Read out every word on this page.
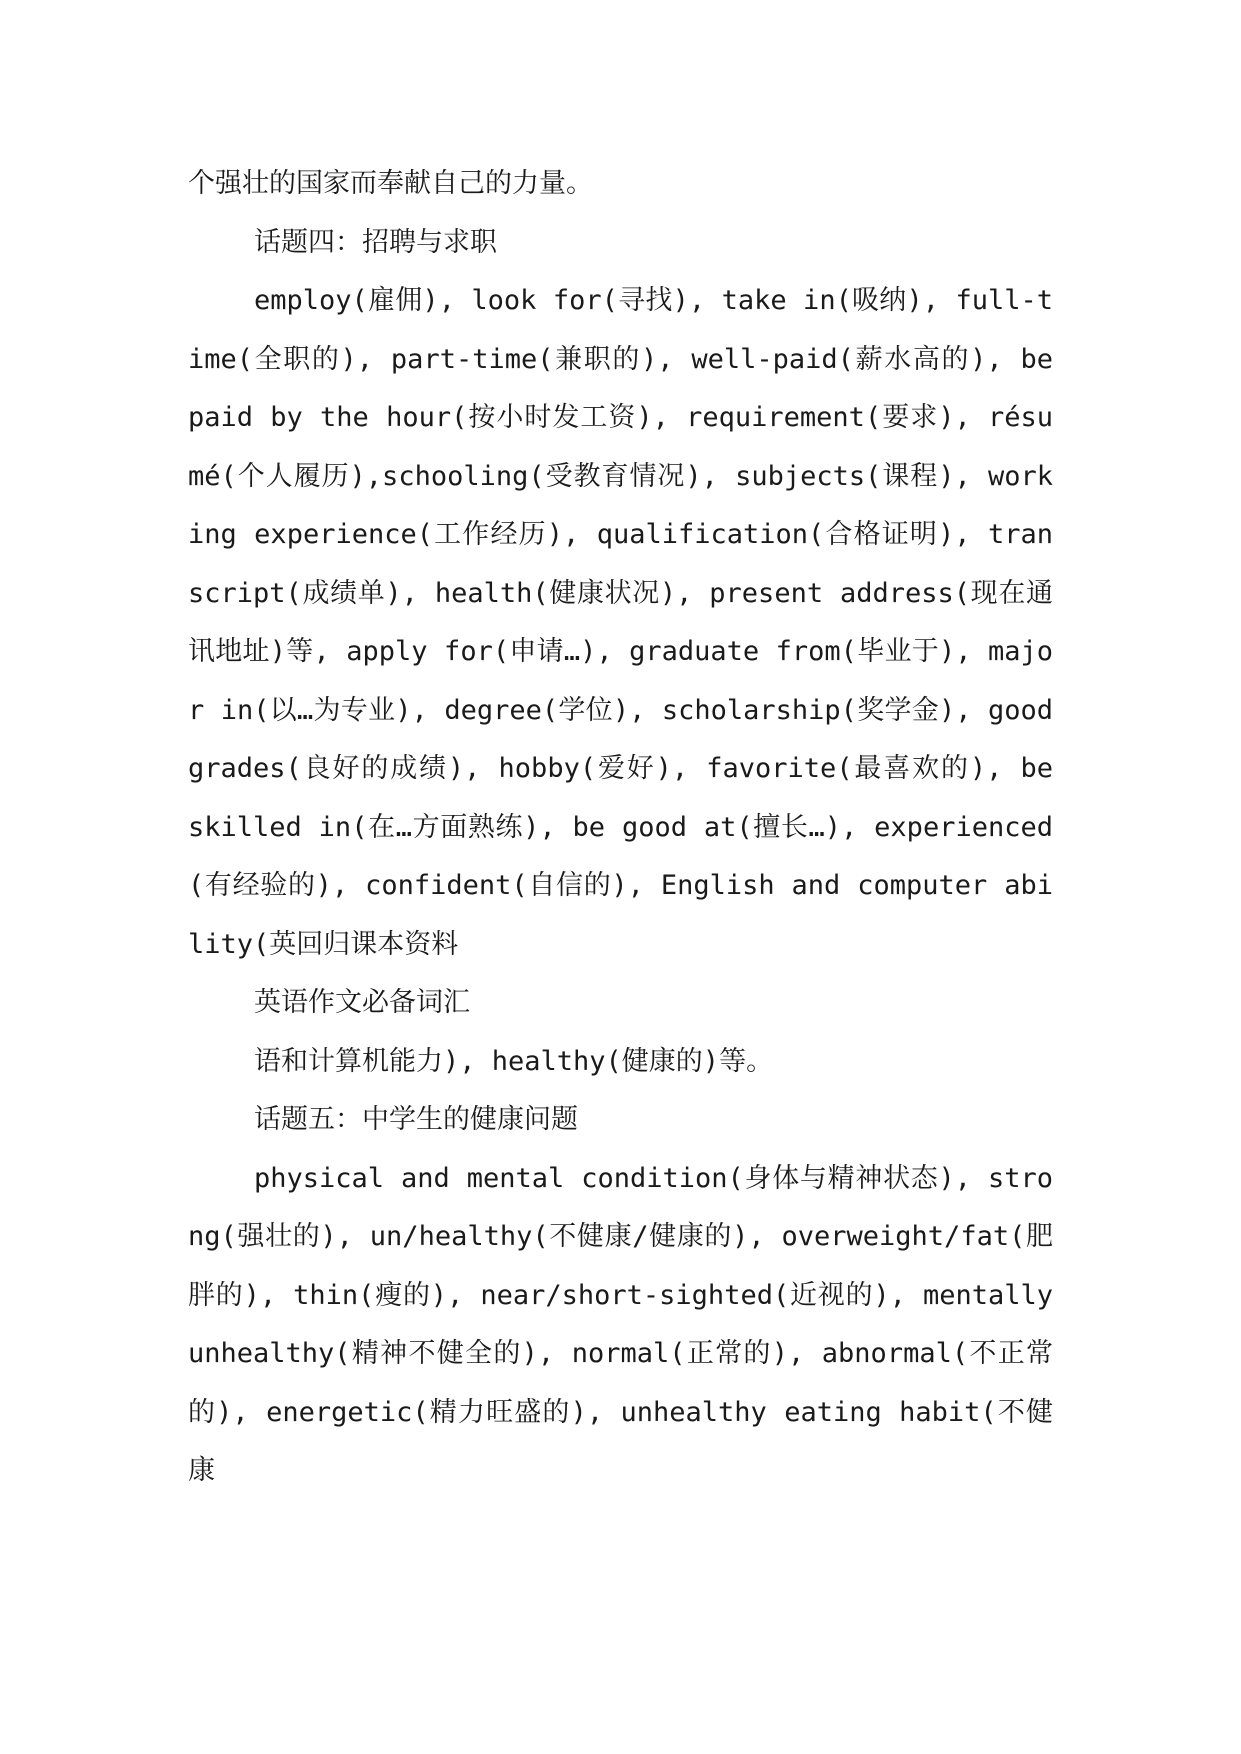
个强壮的国家而奉献自己的力量。

话题四：招聘与求职

employ(雇佣), look for(寻找), take in(吸纳), full-time(全职的), part-time(兼职的), well-paid(薪水高的), be paid by the hour(按小时发工资), requirement(要求), résumé(个人履历),schooling(受教育情况), subjects(课程), working experience(工作经历), qualification(合格证明), transcript(成绩单), health(健康状况), present address(现在通讯地址)等, apply for(申请…), graduate from(毕业于), major in(以…为专业), degree(学位), scholarship(奖学金), good grades(良好的成绩), hobby(爱好), favorite(最喜欢的), be skilled in(在…方面熟练), be good at(擅长…), experienced(有经验的), confident(自信的), English and computer ability(英回归课本资料

英语作文必备词汇

语和计算机能力), healthy(健康的)等。

话题五：中学生的健康问题

physical and mental condition(身体与精神状态), strong(强壮的), un/healthy(不健康/健康的), overweight/fat(肥胖的), thin(瘦的), near/short-sighted(近视的), mentally unhealthy(精神不健全的), normal(正常的), abnormal(不正常的), energetic(精力旺盛的), unhealthy eating habit(不健康
